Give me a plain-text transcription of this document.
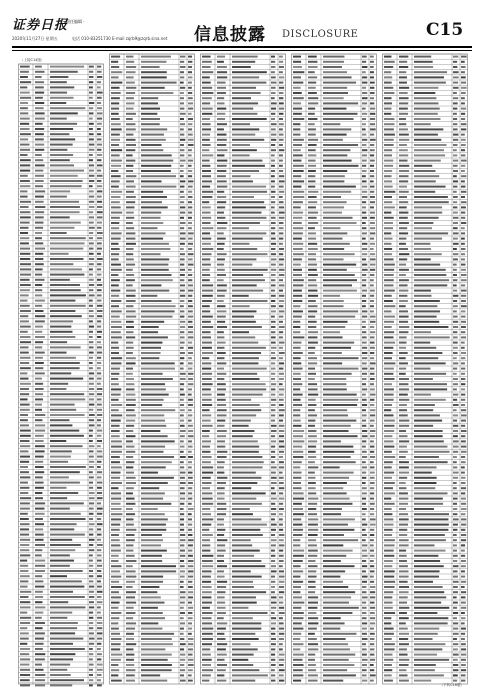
证券日报
责任编辑 ·
2020年11月27日 星期五	电话 010-83251730 E-mail zqrb9@zqrb.sina.net 信息披露 DISCLOSURE	C15
（上接C14版）
（下转C16版）
